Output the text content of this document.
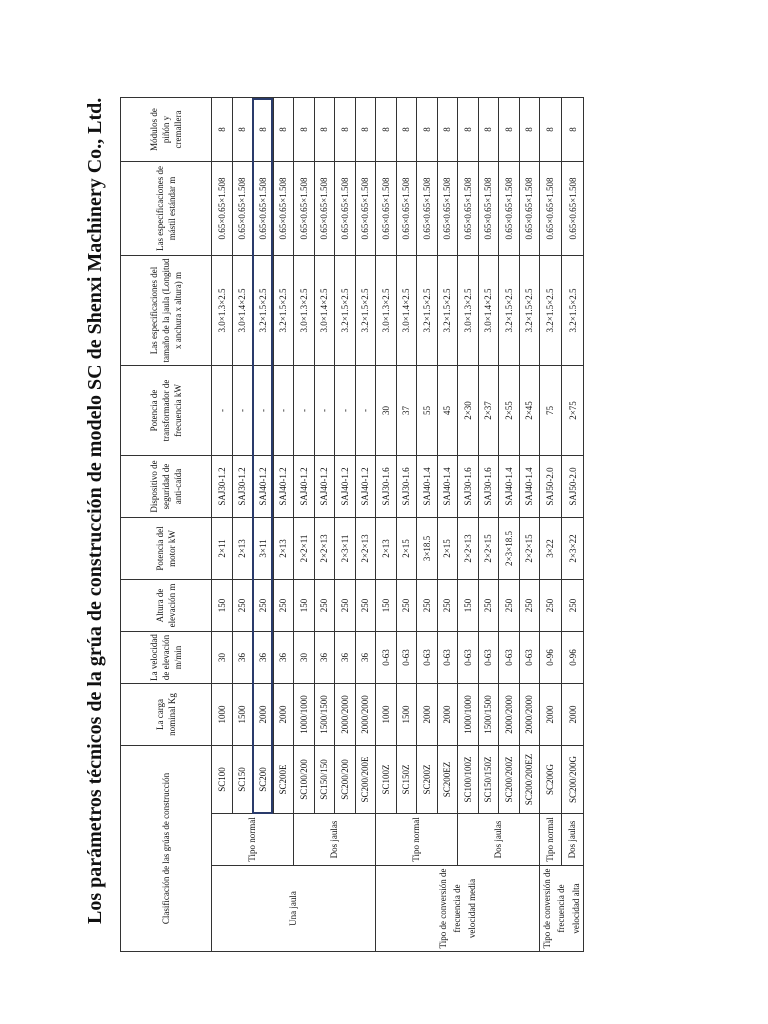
Los parámetros técnicos de la grúa de construcción de modelo SC de Shenxi Machinery Co., Ltd.	Clasificación de las grúas de construcción			La carga nominal Kg	La velocidad de elevación m/min	Altura de elevación m	Potencia del motor kW	Dispositivo de seguridad de anti-caída	Potencia de transformador de frecuencia kW	Las especificaciones del tamaño de la jaula (Longitud x anchura x altura) m	Las especificaciones de mástil estándar m	Módulos de piñón y cremallera
Una jaula	Tipo normal	SC100	1000	30	150	2×11	SAJ30-1.2	-	3.0×1.3×2.5	0.65×0.65×1.508	8
		SC150	1500	36	250	2×13	SAJ30-1.2	-	3.0×1.4×2.5	0.65×0.65×1.508	8
		SC200	2000	36	250	3×11	SAJ40-1.2	-	3.2×1.5×2.5	0.65×0.65×1.508	8
		SC200E	2000	36	250	2×13	SAJ40-1.2	-	3.2×1.5×2.5	0.65×0.65×1.508	8
	Dos jaulas	SC100/200	1000/1000	30	150	2×2×11	SAJ40-1.2	-	3.0×1.3×2.5	0.65×0.65×1.508	8
		SC150/150	1500/1500	36	250	2×2×13	SAJ40-1.2	-	3.0×1.4×2.5	0.65×0.65×1.508	8
		SC200/200	2000/2000	36	250	2×3×11	SAJ40-1.2	-	3.2×1.5×2.5	0.65×0.65×1.508	8
		SC200/200E	2000/2000	36	250	2×2×13	SAJ40-1.2	-	3.2×1.5×2.5	0.65×0.65×1.508	8
Tipo de conversión de frecuencia de velocidad media	Tipo normal	SC100Z	1000	0-63	150	2×13	SAJ30-1.6	30	3.0×1.3×2.5	0.65×0.65×1.508	8
		SC150Z	1500	0-63	250	2×15	SAJ30-1.6	37	3.0×1.4×2.5	0.65×0.65×1.508	8
		SC200Z	2000	0-63	250	3×18.5	SAJ40-1.4	55	3.2×1.5×2.5	0.65×0.65×1.508	8
		SC200EZ	2000	0-63	250	2×15	SAJ40-1.4	45	3.2×1.5×2.5	0.65×0.65×1.508	8
	Dos jaulas	SC100/100Z	1000/1000	0-63	150	2×2×13	SAJ30-1.6	2×30	3.0×1.3×2.5	0.65×0.65×1.508	8
		SC150/150Z	1500/1500	0-63	250	2×2×15	SAJ30-1.6	2×37	3.0×1.4×2.5	0.65×0.65×1.508	8
		SC200/200Z	2000/2000	0-63	250	2×3×18.5	SAJ40-1.4	2×55	3.2×1.5×2.5	0.65×0.65×1.508	8
		SC200/200EZ	2000/2000	0-63	250	2×2×15	SAJ40-1.4	2×45	3.2×1.5×2.5	0.65×0.65×1.508	8
Tipo de conversión de frecuencia de velocidad alta	Tipo normal	SC200G	2000	0-96	250	3×22	SAJ50-2.0	75	3.2×1.5×2.5	0.65×0.65×1.508	8
	Dos jaulas	SC200/200G	2000	0-96	250	2×3×22	SAJ50-2.0	2×75	3.2×1.5×2.5	0.65×0.65×1.508	8
